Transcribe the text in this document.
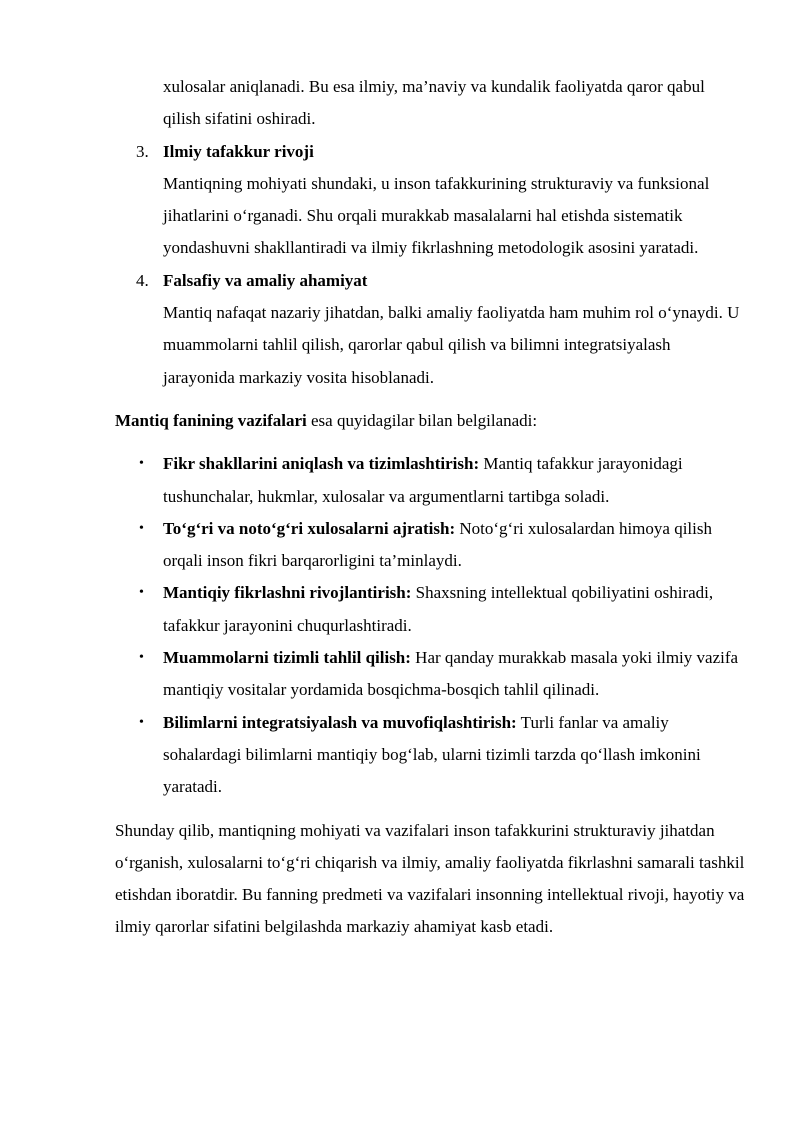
xulosalar aniqlanadi. Bu esa ilmiy, ma’naviy va kundalik faoliyatda qaror qabul qilish sifatini oshiradi.

3. Ilmiy tafakkur rivoji
Mantiqning mohiyati shundaki, u inson tafakkurining strukturaviy va funksional jihatlarini o‘rganadi. Shu orqali murakkab masalalarni hal etishda sistematik yondashuvni shakllantiradi va ilmiy fikrlashning metodologik asosini yaratadi.
4. Falsafiy va amaliy ahamiyat
Mantiq nafaqat nazariy jihatdan, balki amaliy faoliyatda ham muhim rol o‘ynaydi. U muammolarni tahlil qilish, qarorlar qabul qilish va bilimni integratsiyalash jarayonida markaziy vosita hisoblanadi.

Mantiq fanining vazifalari esa quyidagilar bilan belgilanadi:

• Fikr shakllarini aniqlash va tizimlashtirish: Mantiq tafakkur jarayonidagi tushunchalar, hukmlar, xulosalar va argumentlarni tartibga soladi.
• To‘g‘ri va noto‘g‘ri xulosalarni ajratish: Noto‘g‘ri xulosalardan himoya qilish orqali inson fikri barqarorligini ta’minlaydi.
• Mantiqiy fikrlashni rivojlantirish: Shaxsning intellektual qobiliyatini oshiradi, tafakkur jarayonini chuqurlashtiradi.
• Muammolarni tizimli tahlil qilish: Har qanday murakkab masala yoki ilmiy vazifa mantiqiy vositalar yordamida bosqichma-bosqich tahlil qilinadi.
• Bilimlarni integratsiyalash va muvofiqlashtirish: Turli fanlar va amaliy sohalardagi bilimlarni mantiqiy bog‘lab, ularni tizimli tarzda qo‘llash imkonini yaratadi.

Shunday qilib, mantiqning mohiyati va vazifalari inson tafakkurini strukturaviy jihatdan o‘rganish, xulosalarni to‘g‘ri chiqarish va ilmiy, amaliy faoliyatda fikrlashni samarali tashkil etishdan iboratdir. Bu fanning predmeti va vazifalari insonning intellektual rivoji, hayotiy va ilmiy qarorlar sifatini belgilashda markaziy ahamiyat kasb etadi.
